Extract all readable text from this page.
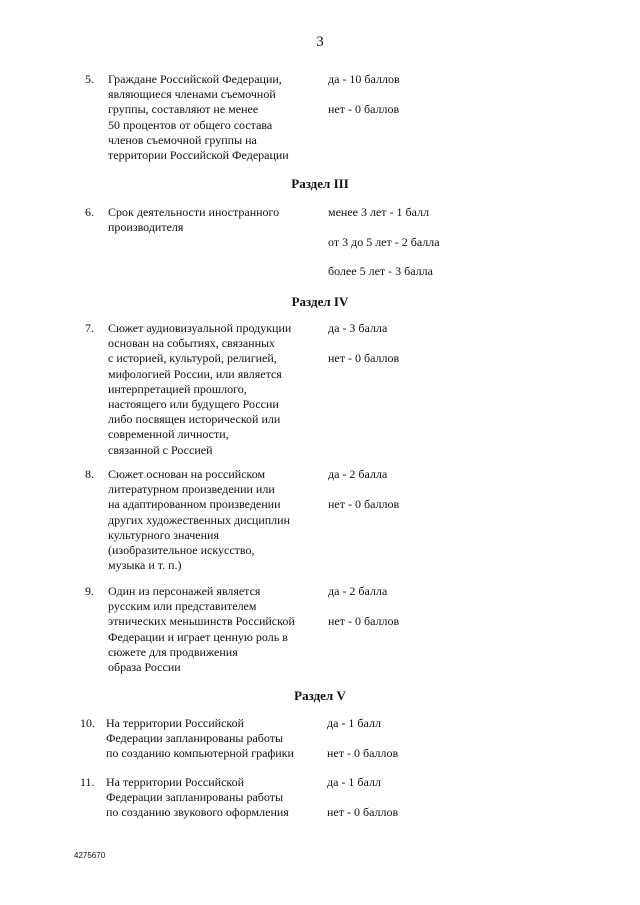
3
5. Граждане Российской Федерации,
являющиеся членами съемочной
группы, составляют не менее
50 процентов от общего состава
членов съемочной группы на
территории Российской Федерации
да - 10 баллов
нет - 0 баллов
Раздел III
6. Срок деятельности иностранного
производителя
менее 3 лет - 1 балл
от 3 до 5 лет - 2 балла
более 5 лет - 3 балла
Раздел IV
7. Сюжет аудиовизуальной продукции
основан на событиях, связанных
с историей, культурой, религией,
мифологией России, или является
интерпретацией прошлого,
настоящего или будущего России
либо посвящен исторической или
современной личности,
связанной с Россией
да - 3 балла
нет - 0 баллов
8. Сюжет основан на российском
литературном произведении или
на адаптированном произведении
других художественных дисциплин
культурного значения
(изобразительное искусство,
музыка и т. п.)
да - 2 балла
нет - 0 баллов
9. Один из персонажей является
русским или представителем
этнических меньшинств Российской
Федерации и играет ценную роль в
сюжете для продвижения
образа России
да - 2 балла
нет - 0 баллов
Раздел V
10. На территории Российской
Федерации запланированы работы
по созданию компьютерной графики
да - 1 балл
нет - 0 баллов
11. На территории Российской
Федерации запланированы работы
по созданию звукового оформления
да - 1 балл
нет - 0 баллов
4275670
